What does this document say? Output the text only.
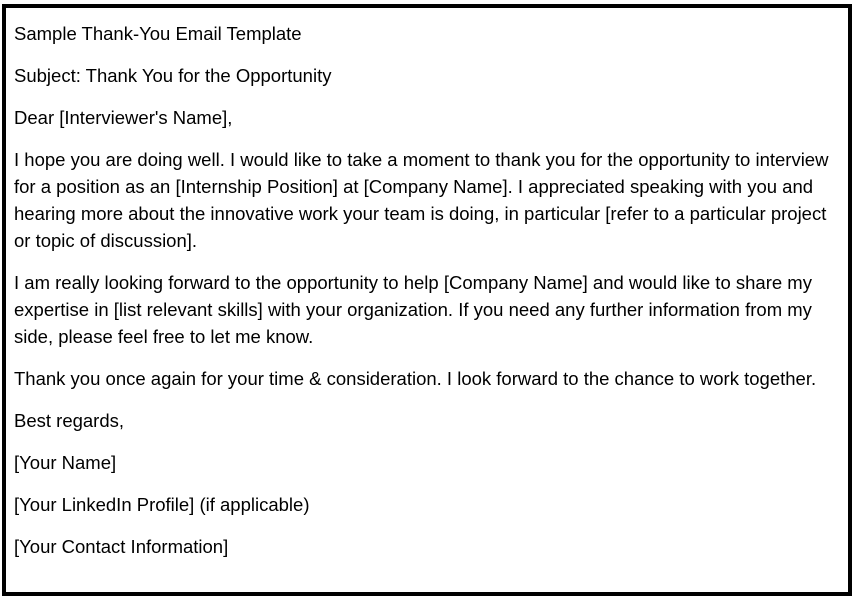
Sample Thank-You Email Template

Subject: Thank You for the Opportunity

Dear [Interviewer's Name],

I hope you are doing well. I would like to take a moment to thank you for the opportunity to interview for a position as an [Internship Position] at [Company Name]. I appreciated speaking with you and hearing more about the innovative work your team is doing, in particular [refer to a particular project or topic of discussion].

I am really looking forward to the opportunity to help [Company Name] and would like to share my expertise in [list relevant skills] with your organization. If you need any further information from my side, please feel free to let me know.

Thank you once again for your time & consideration. I look forward to the chance to work together.

Best regards,

[Your Name]

[Your LinkedIn Profile] (if applicable)

[Your Contact Information]
